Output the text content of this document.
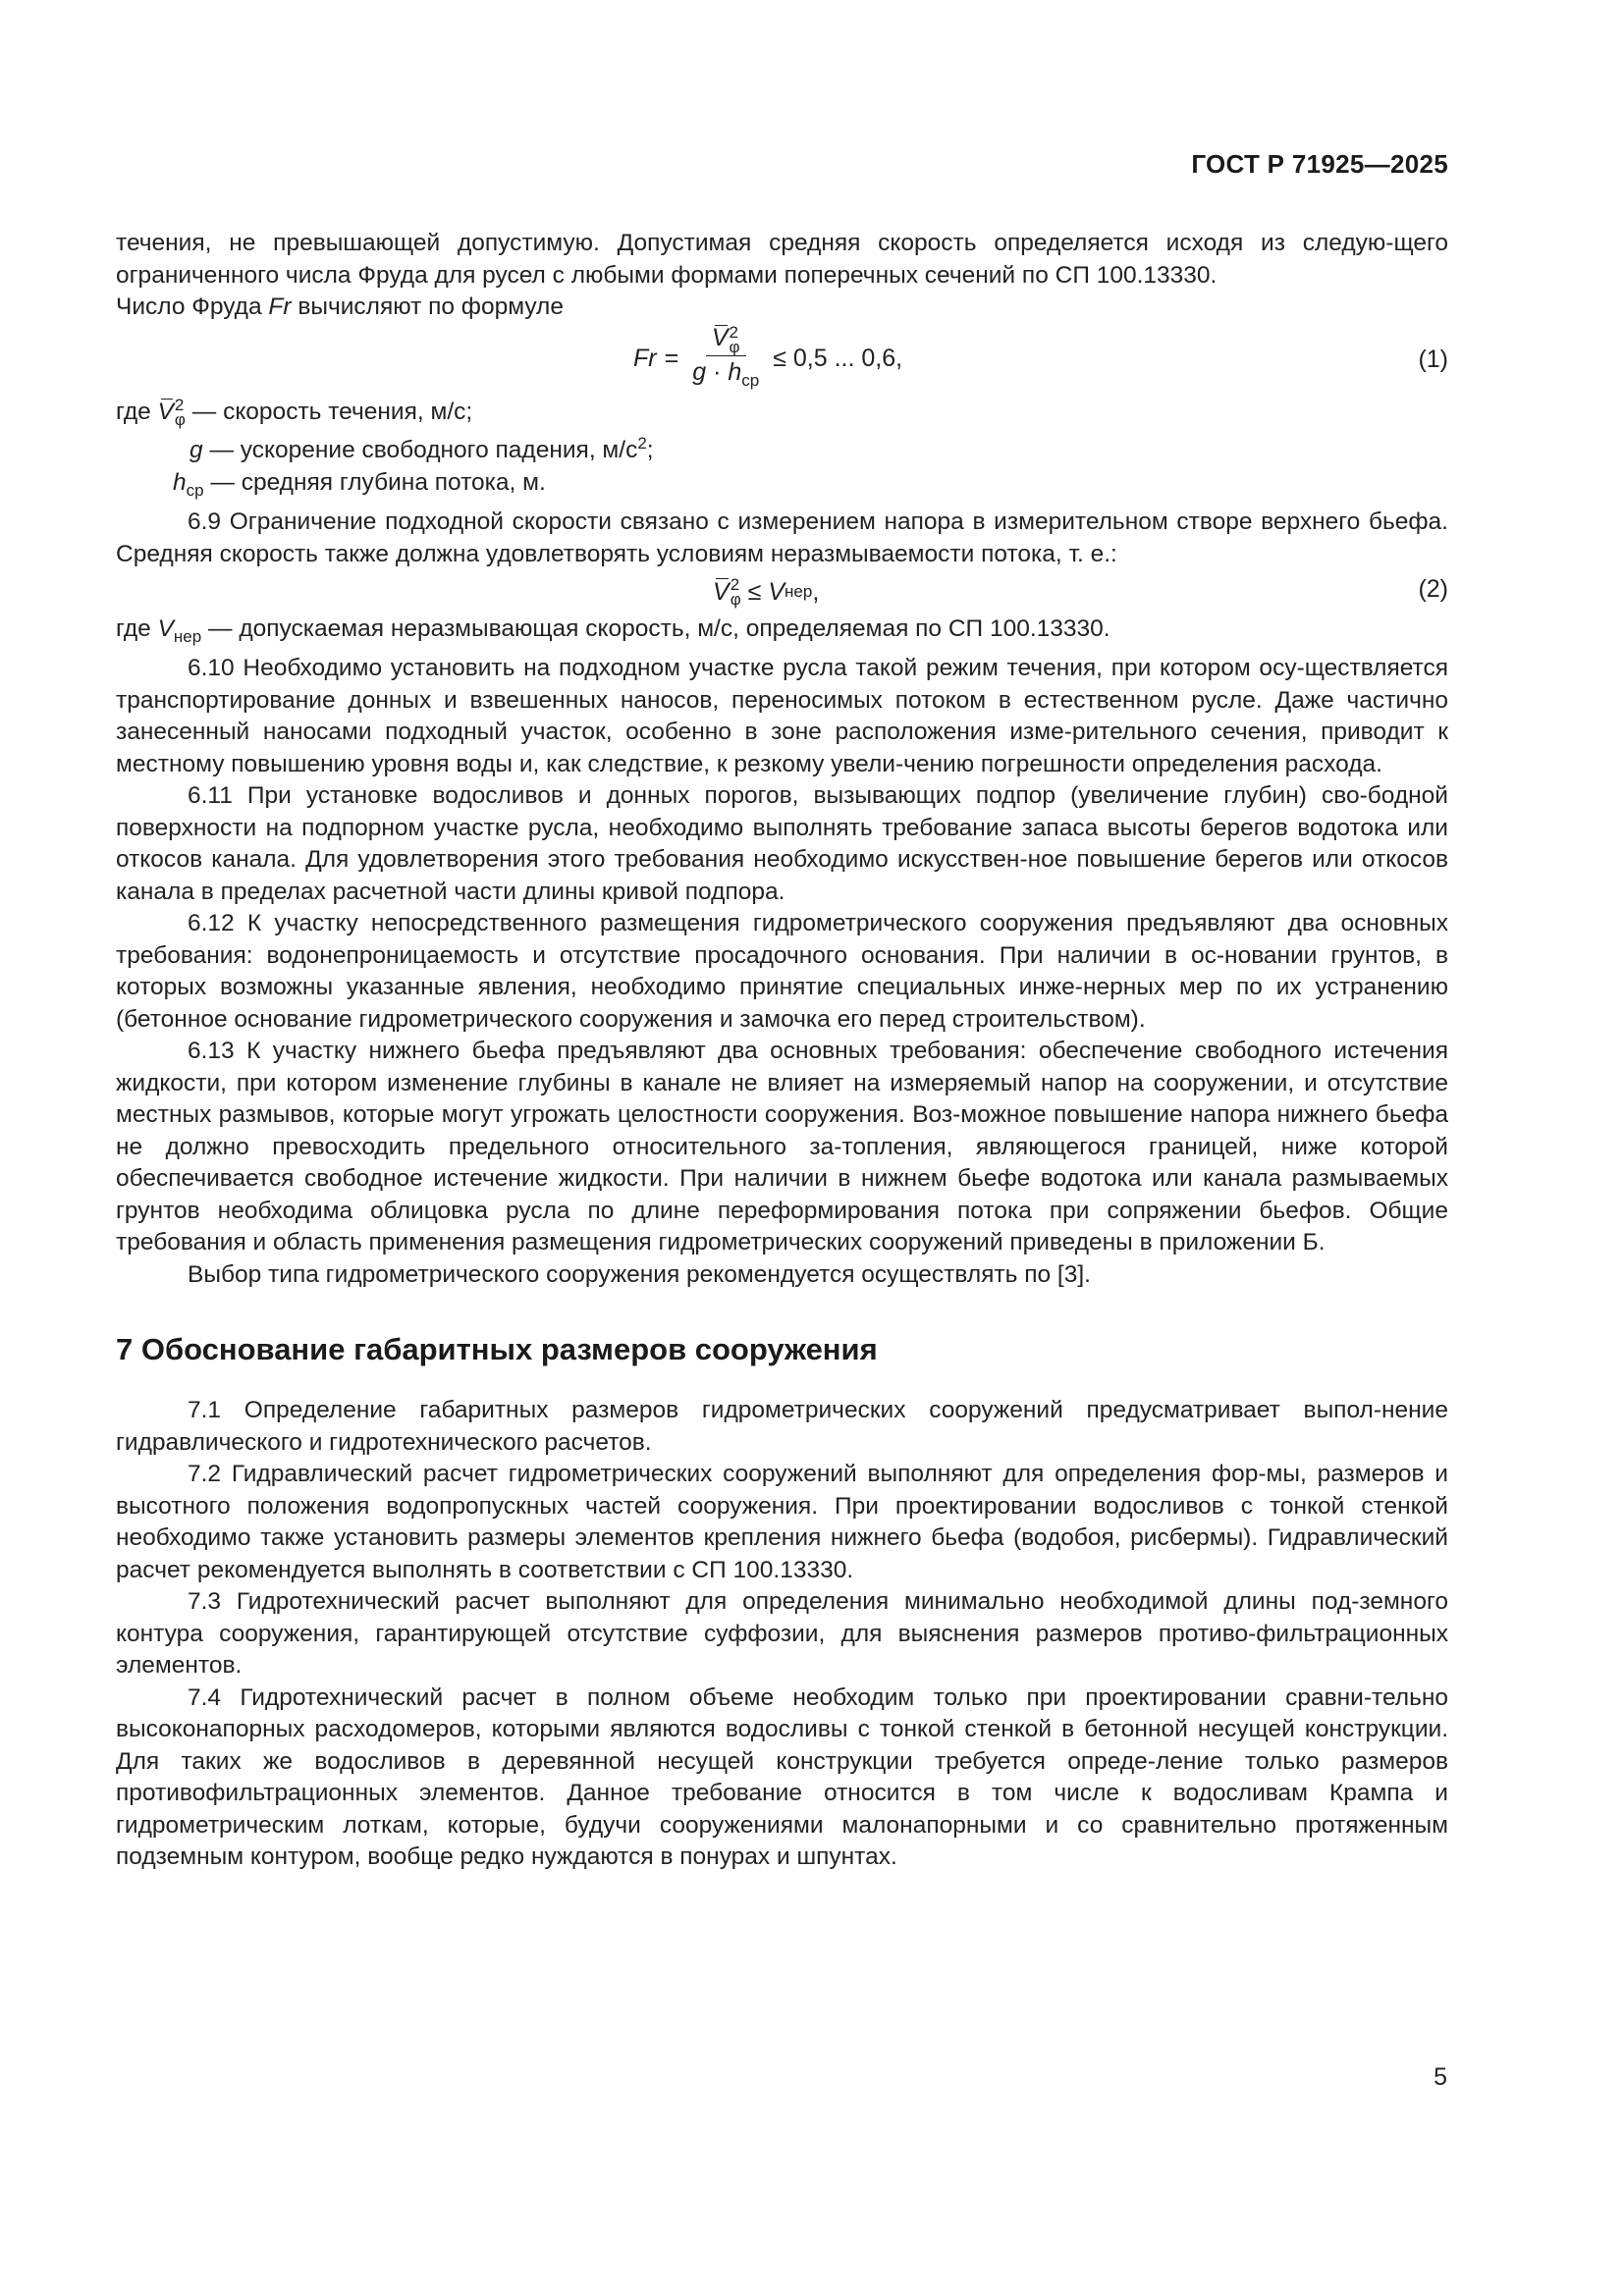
ГОСТ Р 71925—2025

течения, не превышающей допустимую. Допустимая средняя скорость определяется исходя из следую-щего ограниченного числа Фруда для русел с любыми формами поперечных сечений по СП 100.13330.

Число Фруда Fr вычисляют по формуле

Fr = V 2
φ
$g \cdot h_{ср} \le 0,5$ ... 0,6,	(1)

где V 2
φ — скорость течения, м/с;

g — ускорение свободного падения, $м/с^2$;

$h_{ср}$ — средняя глубина потока, м.

6.9 Ограничение подходной скорости связано с измерением напора в измерительном створе верхнего бьефа. Средняя скорость также должна удовлетворять условиям неразмываемости потока, т. е.:

V 2
φ ≤ V нер ,	(2)

где $V_{нер}$ — допускаемая неразмывающая скорость, м/с, определяемая по СП 100.13330.

6.10 Необходимо установить на подходном участке русла такой режим течения, при котором осу-ществляется транспортирование донных и взвешенных наносов, переносимых потоком в естественном русле. Даже частично занесенный наносами подходный участок, особенно в зоне расположения изме-рительного сечения, приводит к местному повышению уровня воды и, как следствие, к резкому увели-чению погрешности определения расхода.

6.11 При установке водосливов и донных порогов, вызывающих подпор (увеличение глубин) сво-бодной поверхности на подпорном участке русла, необходимо выполнять требование запаса высоты берегов водотока или откосов канала. Для удовлетворения этого требования необходимо искусствен-ное повышение берегов или откосов канала в пределах расчетной части длины кривой подпора.

6.12 К участку непосредственного размещения гидрометрического сооружения предъявляют два основных требования: водонепроницаемость и отсутствие просадочного основания. При наличии в ос-новании грунтов, в которых возможны указанные явления, необходимо принятие специальных инже-нерных мер по их устранению (бетонное основание гидрометрического сооружения и замочка его перед строительством).

6.13 К участку нижнего бьефа предъявляют два основных требования: обеспечение свободного истечения жидкости, при котором изменение глубины в канале не влияет на измеряемый напор на сооружении, и отсутствие местных размывов, которые могут угрожать целостности сооружения. Воз-можное повышение напора нижнего бьефа не должно превосходить предельного относительного за-топления, являющегося границей, ниже которой обеспечивается свободное истечение жидкости. При наличии в нижнем бьефе водотока или канала размываемых грунтов необходима облицовка русла по длине переформирования потока при сопряжении бьефов. Общие требования и область применения размещения гидрометрических сооружений приведены в приложении Б.

Выбор типа гидрометрического сооружения рекомендуется осуществлять по [3].

7 Обоснование габаритных размеров сооружения

7.1 Определение габаритных размеров гидрометрических сооружений предусматривает выпол-нение гидравлического и гидротехнического расчетов.

7.2 Гидравлический расчет гидрометрических сооружений выполняют для определения фор-мы, размеров и высотного положения водопропускных частей сооружения. При проектировании водосливов с тонкой стенкой необходимо также установить размеры элементов крепления нижнего бьефа (водобоя, рисбермы). Гидравлический расчет рекомендуется выполнять в соответствии с СП 100.13330.

7.3 Гидротехнический расчет выполняют для определения минимально необходимой длины под-земного контура сооружения, гарантирующей отсутствие суффозии, для выяснения размеров противо-фильтрационных элементов.

7.4 Гидротехнический расчет в полном объеме необходим только при проектировании сравни-тельно высоконапорных расходомеров, которыми являются водосливы с тонкой стенкой в бетонной несущей конструкции. Для таких же водосливов в деревянной несущей конструкции требуется опреде-ление только размеров противофильтрационных элементов. Данное требование относится в том числе к водосливам Крампа и гидрометрическим лоткам, которые, будучи сооружениями малонапорными и со сравнительно протяженным подземным контуром, вообще редко нуждаются в понурах и шпунтах.

5
